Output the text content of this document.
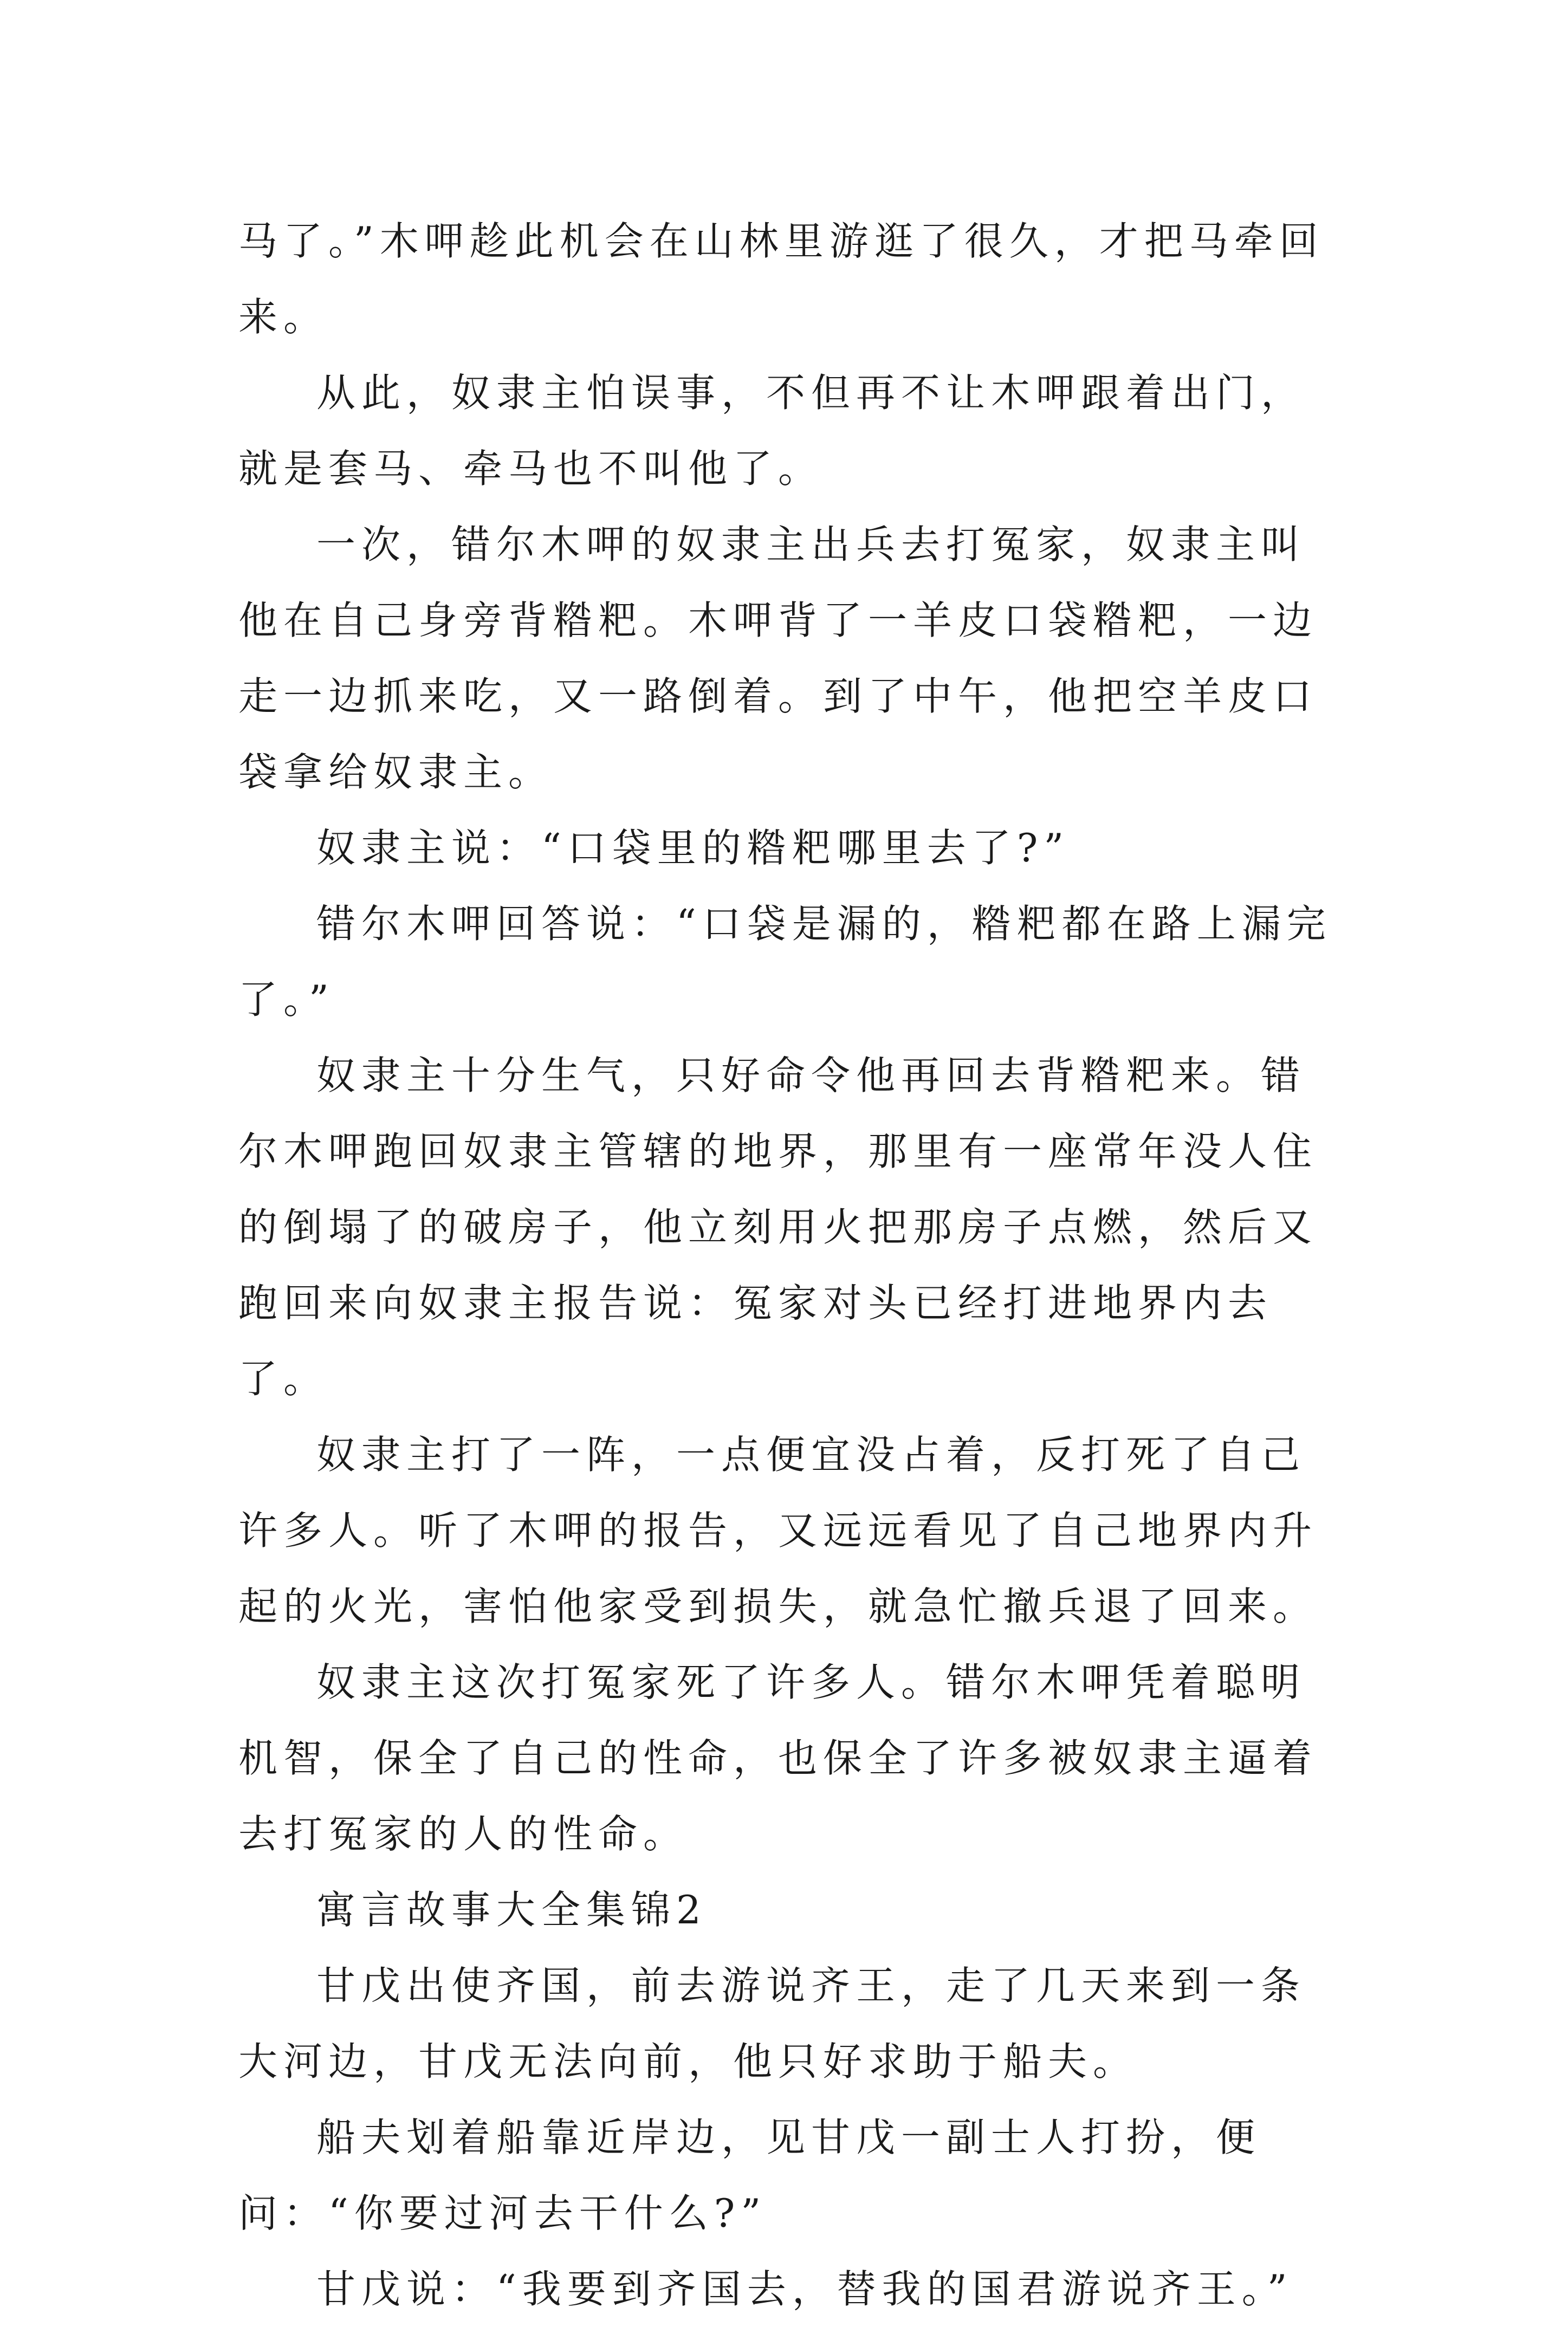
马了。”木呷趁此机会在山林里游逛了很久，才把马牵回来。

从此，奴隶主怕误事，不但再不让木呷跟着出门，就是套马、牵马也不叫他了。

一次，错尔木呷的奴隶主出兵去打冤家，奴隶主叫他在自己身旁背糌粑。木呷背了一羊皮口袋糌粑，一边走一边抓来吃，又一路倒着。到了中午，他把空羊皮口袋拿给奴隶主。

奴隶主说：“口袋里的糌粑哪里去了?”

错尔木呷回答说：“口袋是漏的，糌粑都在路上漏完了。”

奴隶主十分生气，只好命令他再回去背糌粑来。错尔木呷跑回奴隶主管辖的地界，那里有一座常年没人住的倒塌了的破房子，他立刻用火把那房子点燃，然后又跑回来向奴隶主报告说：冤家对头已经打进地界内去了。

奴隶主打了一阵，一点便宜没占着，反打死了自己许多人。听了木呷的报告，又远远看见了自己地界内升起的火光，害怕他家受到损失，就急忙撤兵退了回来。

奴隶主这次打冤家死了许多人。错尔木呷凭着聪明机智，保全了自己的性命，也保全了许多被奴隶主逼着去打冤家的人的性命。

寓言故事大全集锦2

甘戊出使齐国，前去游说齐王，走了几天来到一条大河边，甘戊无法向前，他只好求助于船夫。

船夫划着船靠近岸边，见甘戊一副士人打扮，便问：“你要过河去干什么?”

甘戊说：“我要到齐国去，替我的国君游说齐王。”
